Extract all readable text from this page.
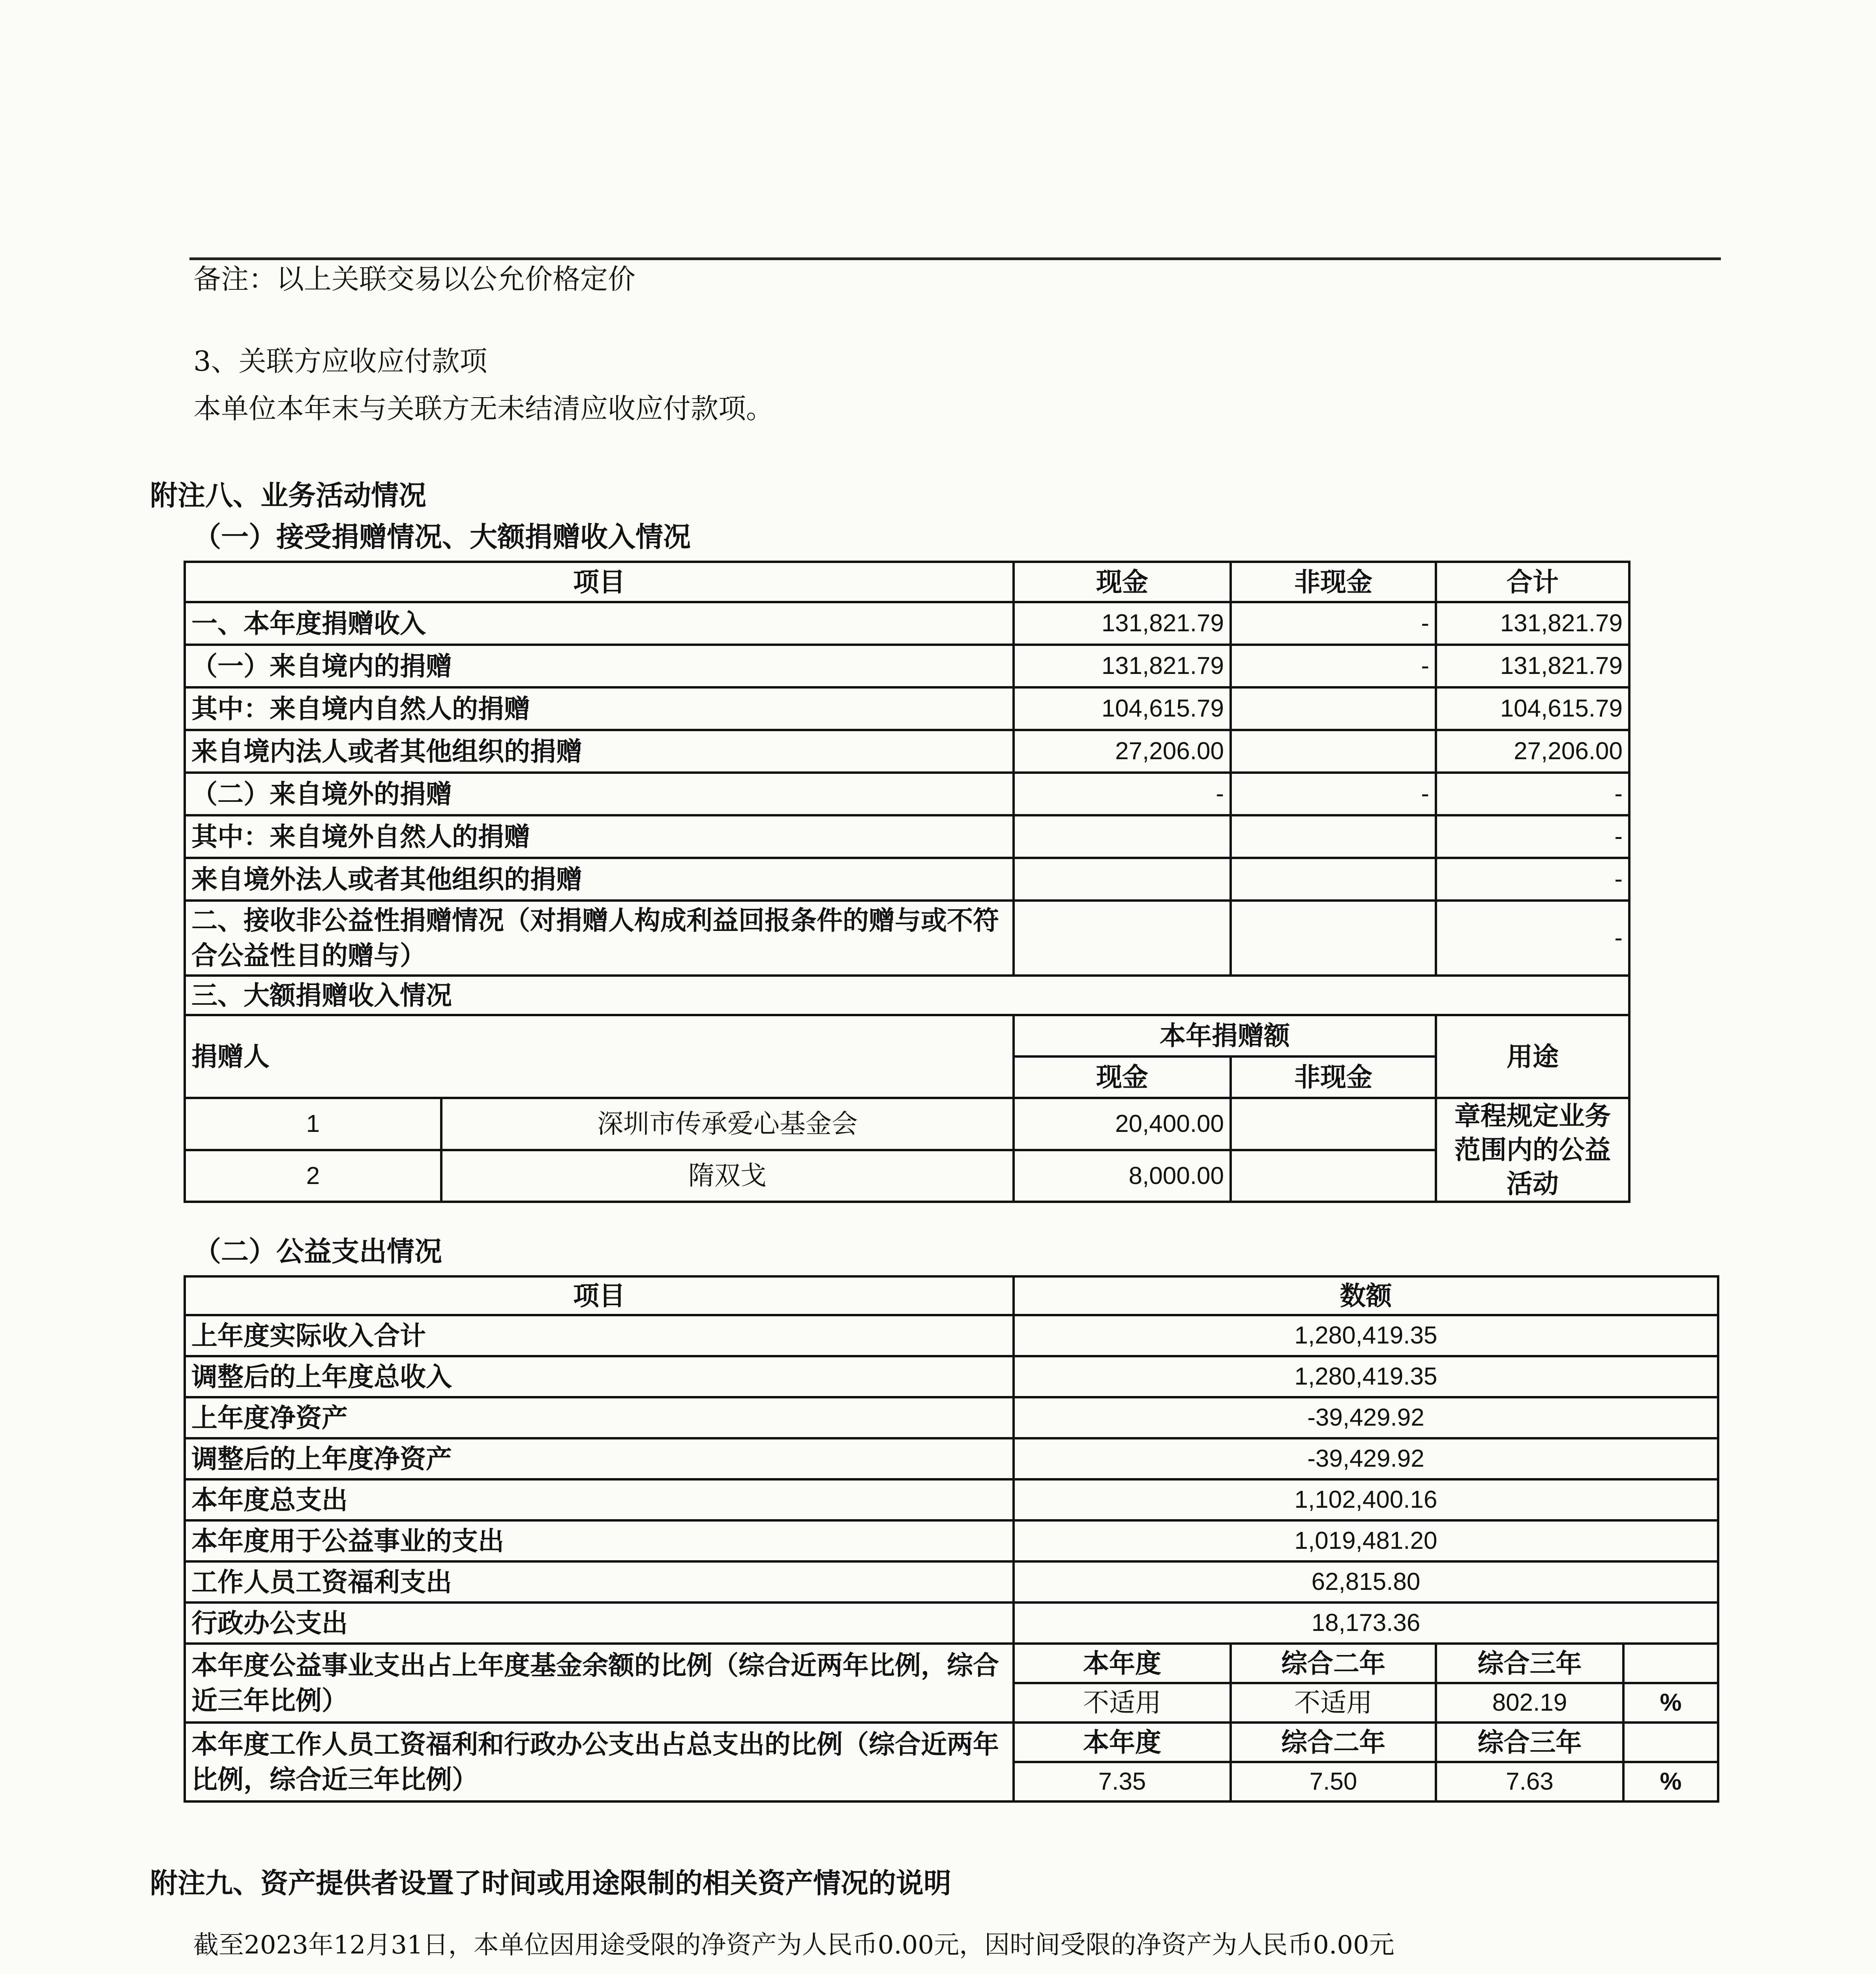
备注：以上关联交易以公允价格定价
3、关联方应收应付款项
本单位本年末与关联方无未结清应收应付款项。
附注八、业务活动情况
（一）接受捐赠情况、大额捐赠收入情况
项目		现金	非现金	合计
一、本年度捐赠收入		131,821.79	-	131,821.79
（一）来自境内的捐赠		131,821.79	-	131,821.79
其中：来自境内自然人的捐赠		104,615.79		104,615.79
来自境内法人或者其他组织的捐赠		27,206.00		27,206.00
（二）来自境外的捐赠		-	-	-
其中：来自境外自然人的捐赠				-
来自境外法人或者其他组织的捐赠				-
二、接收非公益性捐赠情况（对捐赠人构成利益回报条件的赠与或不符合公益性目的赠与）				-
三、大额捐赠收入情况				
捐赠人		本年捐赠额		用途
		现金	非现金	
1	深圳市传承爱心基金会	20,400.00		章程规定业务范围内的公益活动
2	隋双戈	8,000.00		
（二）公益支出情况
项目	数额			
上年度实际收入合计	1,280,419.35			
调整后的上年度总收入	1,280,419.35			
上年度净资产	-39,429.92			
调整后的上年度净资产	-39,429.92			
本年度总支出	1,102,400.16			
本年度用于公益事业的支出	1,019,481.20			
工作人员工资福利支出	62,815.80			
行政办公支出	18,173.36			
本年度公益事业支出占上年度基金余额的比例（综合近两年比例，综合近三年比例）	本年度	综合二年	综合三年	
	不适用	不适用	802.19	%
本年度工作人员工资福利和行政办公支出占总支出的比例（综合近两年比例，综合近三年比例）	本年度	综合二年	综合三年	
	7.35	7.50	7.63	%
附注九、资产提供者设置了时间或用途限制的相关资产情况的说明
截至2023年12月31日，本单位因用途受限的净资产为人民币0.00元，因时间受限的净资产为人民币0.00元
